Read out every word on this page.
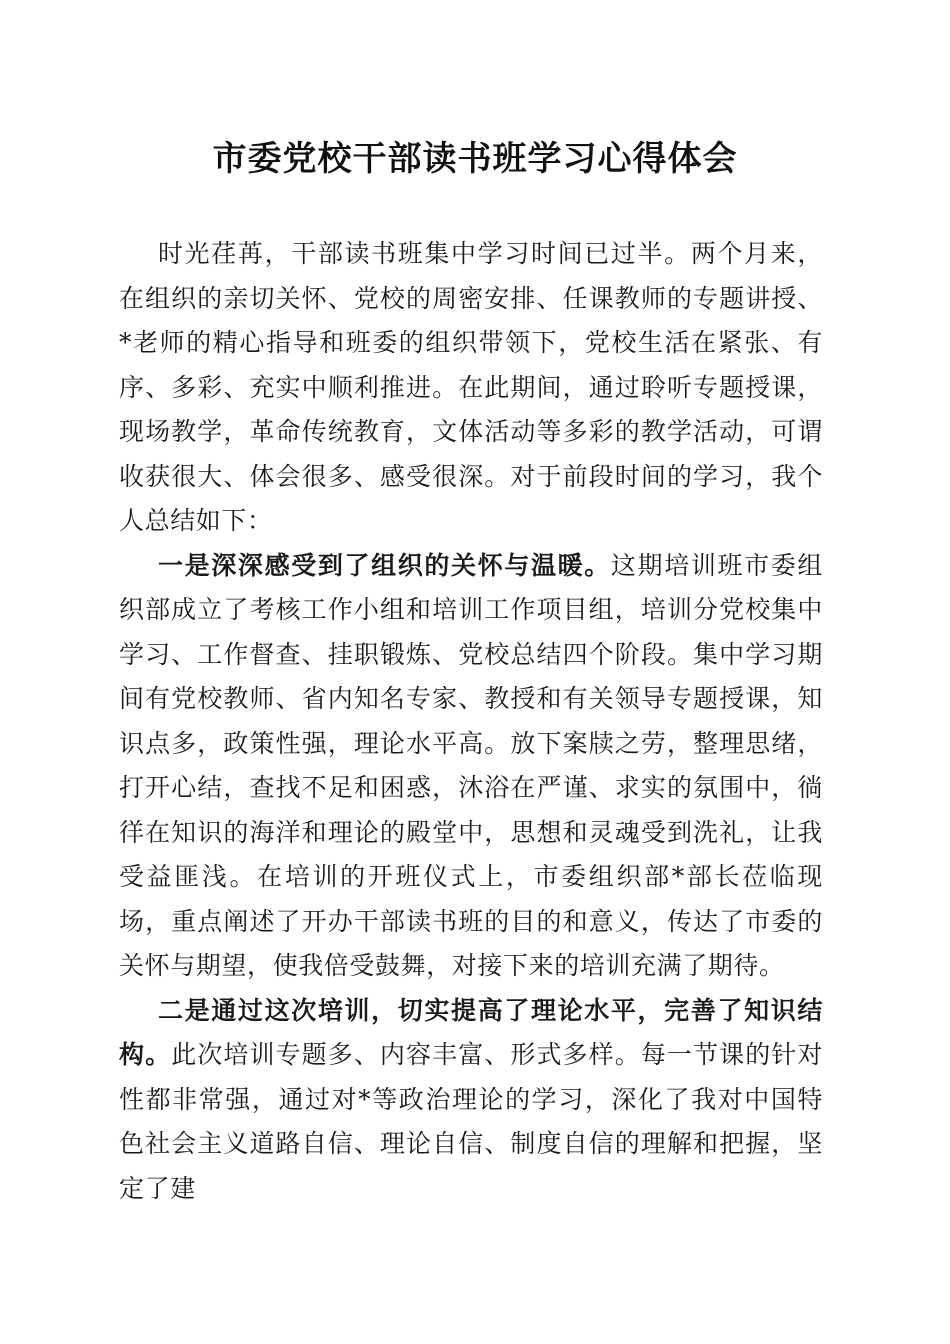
市委党校干部读书班学习心得体会

时光荏苒，干部读书班集中学习时间已过半。两个月来，在组织的亲切关怀、党校的周密安排、任课教师的专题讲授、*老师的精心指导和班委的组织带领下，党校生活在紧张、有序、多彩、充实中顺利推进。在此期间，通过聆听专题授课，现场教学，革命传统教育，文体活动等多彩的教学活动，可谓收获很大、体会很多、感受很深。对于前段时间的学习，我个人总结如下：

一是深深感受到了组织的关怀与温暖。这期培训班市委组织部成立了考核工作小组和培训工作项目组，培训分党校集中学习、工作督查、挂职锻炼、党校总结四个阶段。集中学习期间有党校教师、省内知名专家、教授和有关领导专题授课，知识点多，政策性强，理论水平高。放下案牍之劳，整理思绪，打开心结，查找不足和困惑，沐浴在严谨、求实的氛围中，徜徉在知识的海洋和理论的殿堂中，思想和灵魂受到洗礼，让我受益匪浅。在培训的开班仪式上，市委组织部*部长莅临现场，重点阐述了开办干部读书班的目的和意义，传达了市委的关怀与期望，使我倍受鼓舞，对接下来的培训充满了期待。

二是通过这次培训，切实提高了理论水平，完善了知识结构。此次培训专题多、内容丰富、形式多样。每一节课的针对性都非常强，通过对*等政治理论的学习，深化了我对中国特色社会主义道路自信、理论自信、制度自信的理解和把握，坚定了建
